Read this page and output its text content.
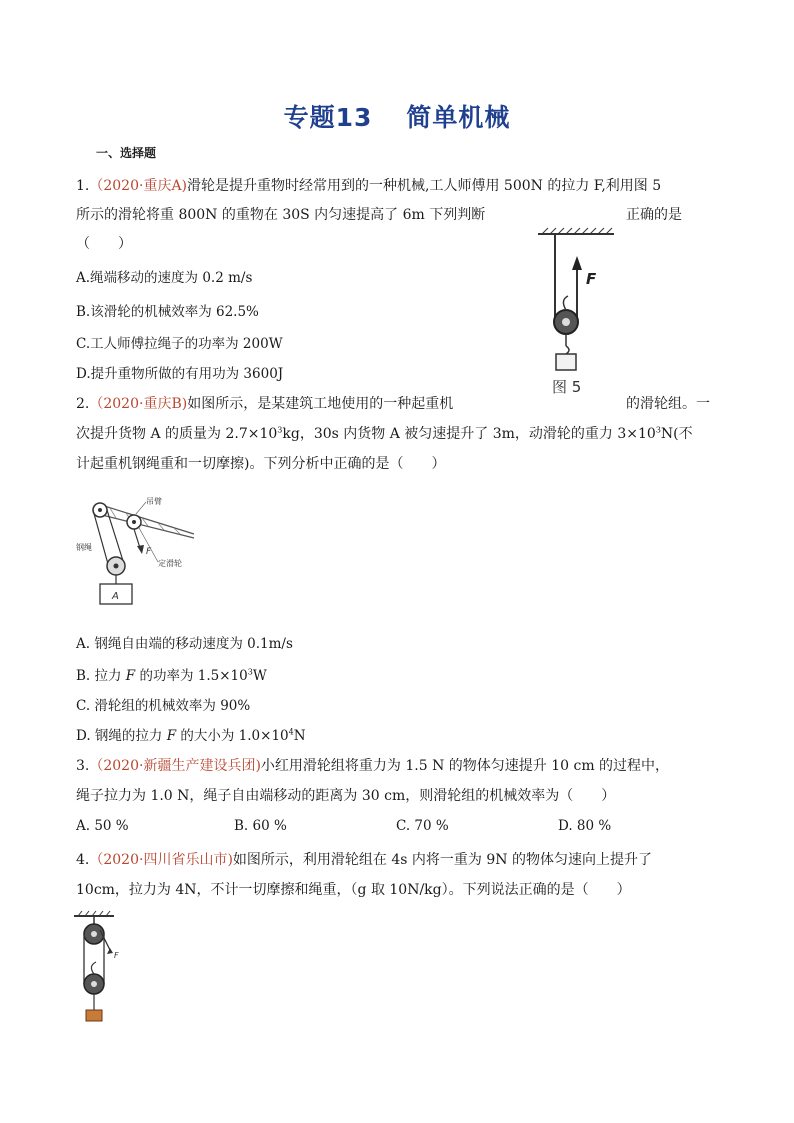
专题13 简单机械
一、选择题
1.（2020·重庆A)滑轮是提升重物时经常用到的一种机械,工人师傅用 500N 的拉力 F,利用图 5
所示的滑轮将重 800N 的重物在 30S 内匀速提高了 6m 下列判断	正确的是
（　　）
A.绳端移动的速度为 0.2 m/s
B.该滑轮的机械效率为 62.5%
C.工人师傅拉绳子的功率为 200W
D.提升重物所做的有用功为 3600J
F
图 5
2.（2020·重庆B)如图所示，是某建筑工地使用的一种起重机	的滑轮组。一
次提升货物 A 的质量为 $2.7\times 10^3kg$，30s 内货物 A 被匀速提升了 3m，动滑轮的重力 $3\times 10^3N$(不
计起重机钢绳重和一切摩擦)。下列分析中正确的是（　　）
F
A
吊臂
钢绳
定滑轮
A. 钢绳自由端的移动速度为 0.1m/s
B. 拉力 F 的功率为 $1.5\times 10^3W$
C. 滑轮组的机械效率为 90%
D. 钢绳的拉力 F 的大小为 $1.0\times 10^4N$
3.（2020·新疆生产建设兵团)小红用滑轮组将重力为 1.5 N 的物体匀速提升 10 cm 的过程中，
绳子拉力为 1.0 N，绳子自由端移动的距离为 30 cm，则滑轮组的机械效率为（　　）
A. 50 %	B. 60 %	C. 70 %	D. 80 %
4.（2020·四川省乐山市)如图所示，利用滑轮组在 4s 内将一重为 9N 的物体匀速向上提升了
10cm，拉力为 4N，不计一切摩擦和绳重，（g 取 10N/kg）。下列说法正确的是（　　）
F
